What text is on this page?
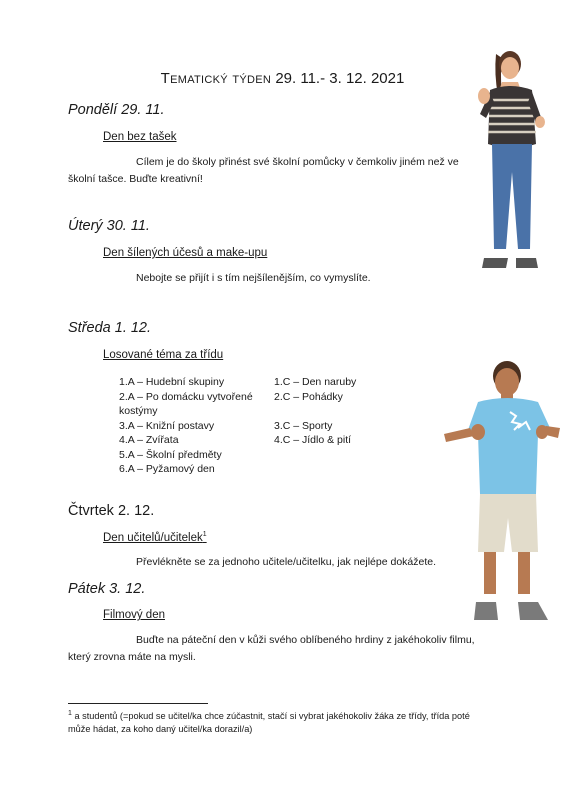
Tematický týden 29. 11.- 3. 12. 2021
Pondělí 29. 11.
Den bez tašek
Cílem je do školy přinést své školní pomůcky v čemkoliv jiném než ve školní tašce. Buďte kreativní!
Úterý 30. 11.
Den šílených účesů a make-upu
Nebojte se přijít i s tím nejšílenějším, co vymyslíte.
Středa 1. 12.
Losované téma za třídu
1.A – Hudební skupiny
2.A – Po domácku vytvořené kostýmy
3.A – Knižní postavy
4.A – Zvířata
5.A – Školní předměty
6.A – Pyžamový den
1.C – Den naruby
2.C – Pohádky
3.C – Sporty
4.C – Jídlo & pití
Čtvrtek 2. 12.
Den učitelů/učitelek$^1$
Převlékněte se za jednoho učitele/učitelku, jak nejlépe dokážete.
Pátek 3. 12.
Filmový den
Buďte na páteční den v kůži svého oblíbeného hrdiny z jakéhokoliv filmu, který zrovna máte na mysli.
$^1$ a studentů (=pokud se učitel/ka chce zúčastnit, stačí si vybrat jakéhokoliv žáka ze třídy, třída poté může hádat, za koho daný učitel/ka dorazil/a)
